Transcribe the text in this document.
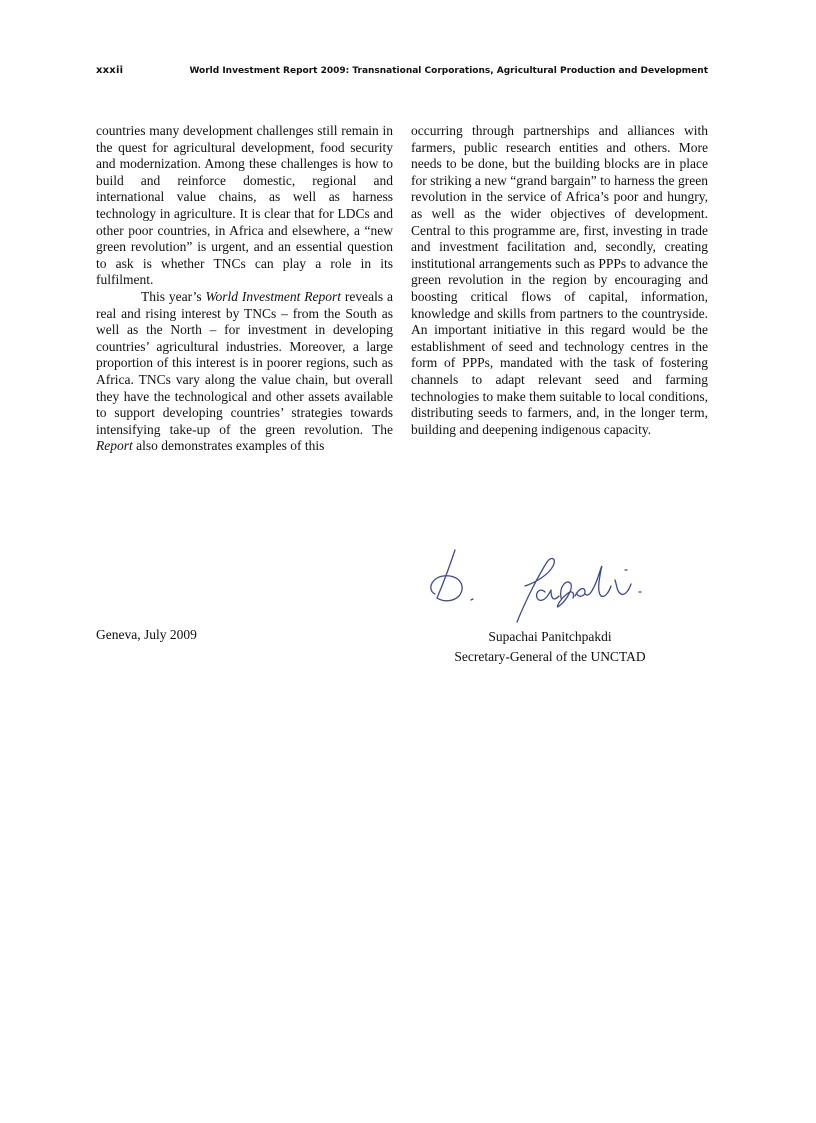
xxxii	World Investment Report 2009: Transnational Corporations, Agricultural Production and Development

countries many development challenges still remain in the quest for agricultural development, food security and modernization. Among these challenges is how to build and reinforce domestic, regional and international value chains, as well as harness technology in agriculture. It is clear that for LDCs and other poor countries, in Africa and elsewhere, a “new green revolution” is urgent, and an essential question to ask is whether TNCs can play a role in its fulfilment.

This year’s World Investment Report reveals a real and rising interest by TNCs – from the South as well as the North – for investment in developing countries’ agricultural industries. Moreover, a large proportion of this interest is in poorer regions, such as Africa. TNCs vary along the value chain, but overall they have the technological and other assets available to support developing countries’ strategies towards intensifying take-up of the green revolution. The Report also demonstrates examples of this

occurring through partnerships and alliances with farmers, public research entities and others. More needs to be done, but the building blocks are in place for striking a new “grand bargain” to harness the green revolution in the service of Africa’s poor and hungry, as well as the wider objectives of development. Central to this programme are, first, investing in trade and investment facilitation and, secondly, creating institutional arrangements such as PPPs to advance the green revolution in the region by encouraging and boosting critical flows of capital, information, knowledge and skills from partners to the countryside. An important initiative in this regard would be the establishment of seed and technology centres in the form of PPPs, mandated with the task of fostering channels to adapt relevant seed and farming technologies to make them suitable to local conditions, distributing seeds to farmers, and, in the longer term, building and deepening indigenous capacity.

Geneva, July 2009	Supachai Panitchpakdi
Secretary-General of the UNCTAD
